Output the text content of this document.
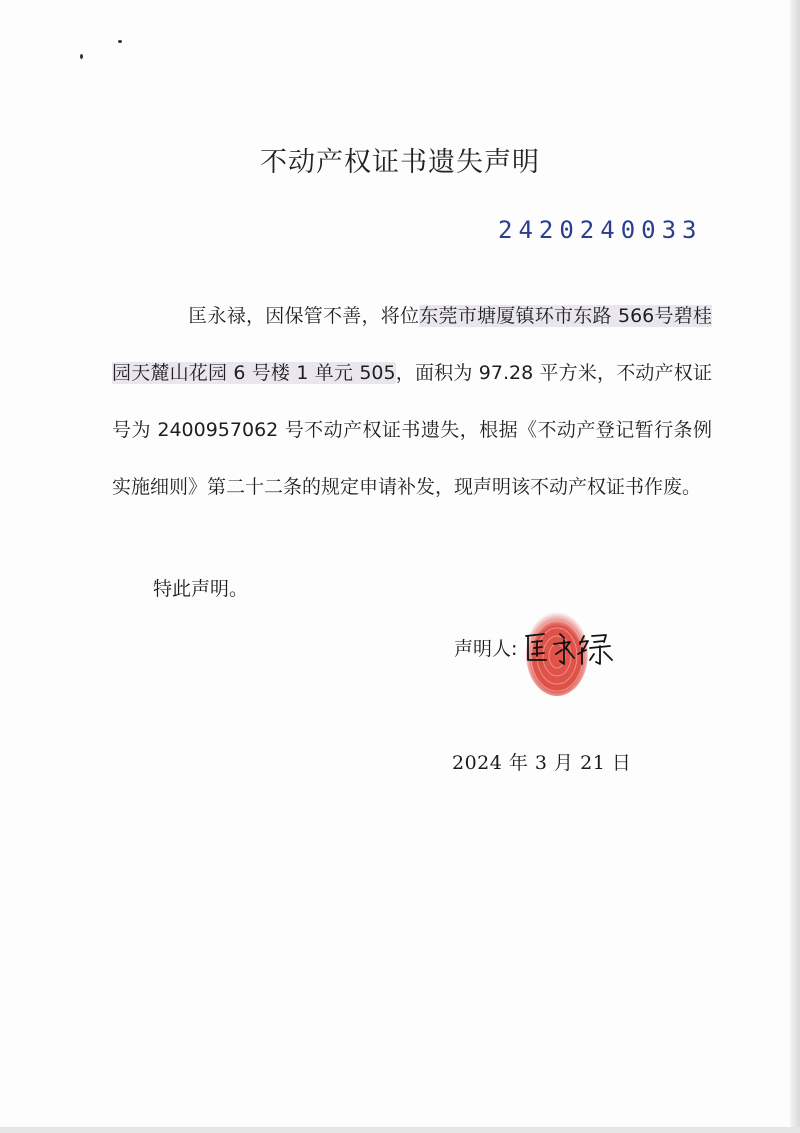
不动产权证书遗失声明
2420240033
匡永禄，因保管不善，将位东莞市塘厦镇环市东路 566号碧桂园天麓山花园 6 号楼 1 单元 505，面积为 97.28 平方米，不动产权证号为 2400957062 号不动产权证书遗失，根据《不动产登记暂行条例实施细则》第二十二条的规定申请补发，现声明该不动产权证书作废。
特此声明。
声明人:
2024 年 3 月 21 日
